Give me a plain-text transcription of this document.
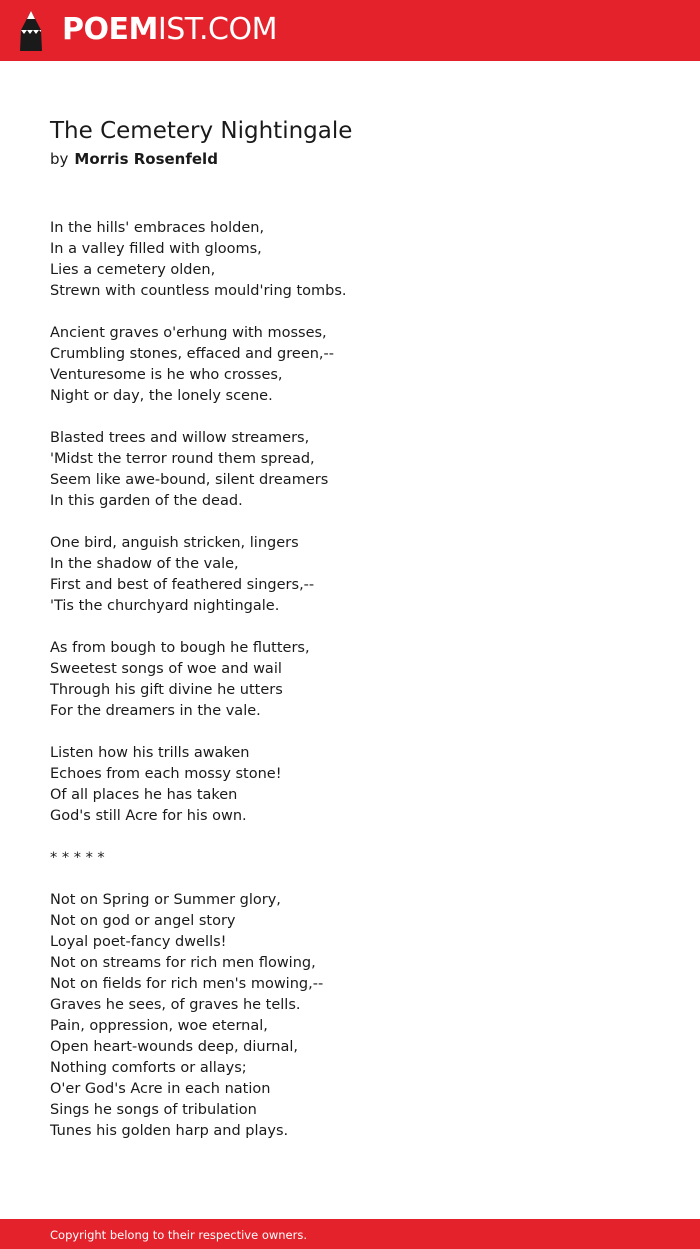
POEMIST.COM
The Cemetery Nightingale
by Morris Rosenfeld
In the hills' embraces holden,
In a valley filled with glooms,
Lies a cemetery olden,
Strewn with countless mould'ring tombs.
Ancient graves o'erhung with mosses,
Crumbling stones, effaced and green,--
Venturesome is he who crosses,
Night or day, the lonely scene.
Blasted trees and willow streamers,
'Midst the terror round them spread,
Seem like awe-bound, silent dreamers
In this garden of the dead.
One bird, anguish stricken, lingers
In the shadow of the vale,
First and best of feathered singers,--
'Tis the churchyard nightingale.
As from bough to bough he flutters,
Sweetest songs of woe and wail
Through his gift divine he utters
For the dreamers in the vale.
Listen how his trills awaken
Echoes from each mossy stone!
Of all places he has taken
God's still Acre for his own.
* * * * *
Not on Spring or Summer glory,
Not on god or angel story
Loyal poet-fancy dwells!
Not on streams for rich men flowing,
Not on fields for rich men's mowing,--
Graves he sees, of graves he tells.
Pain, oppression, woe eternal,
Open heart-wounds deep, diurnal,
Nothing comforts or allays;
O'er God's Acre in each nation
Sings he songs of tribulation
Tunes his golden harp and plays.
Copyright belong to their respective owners.
